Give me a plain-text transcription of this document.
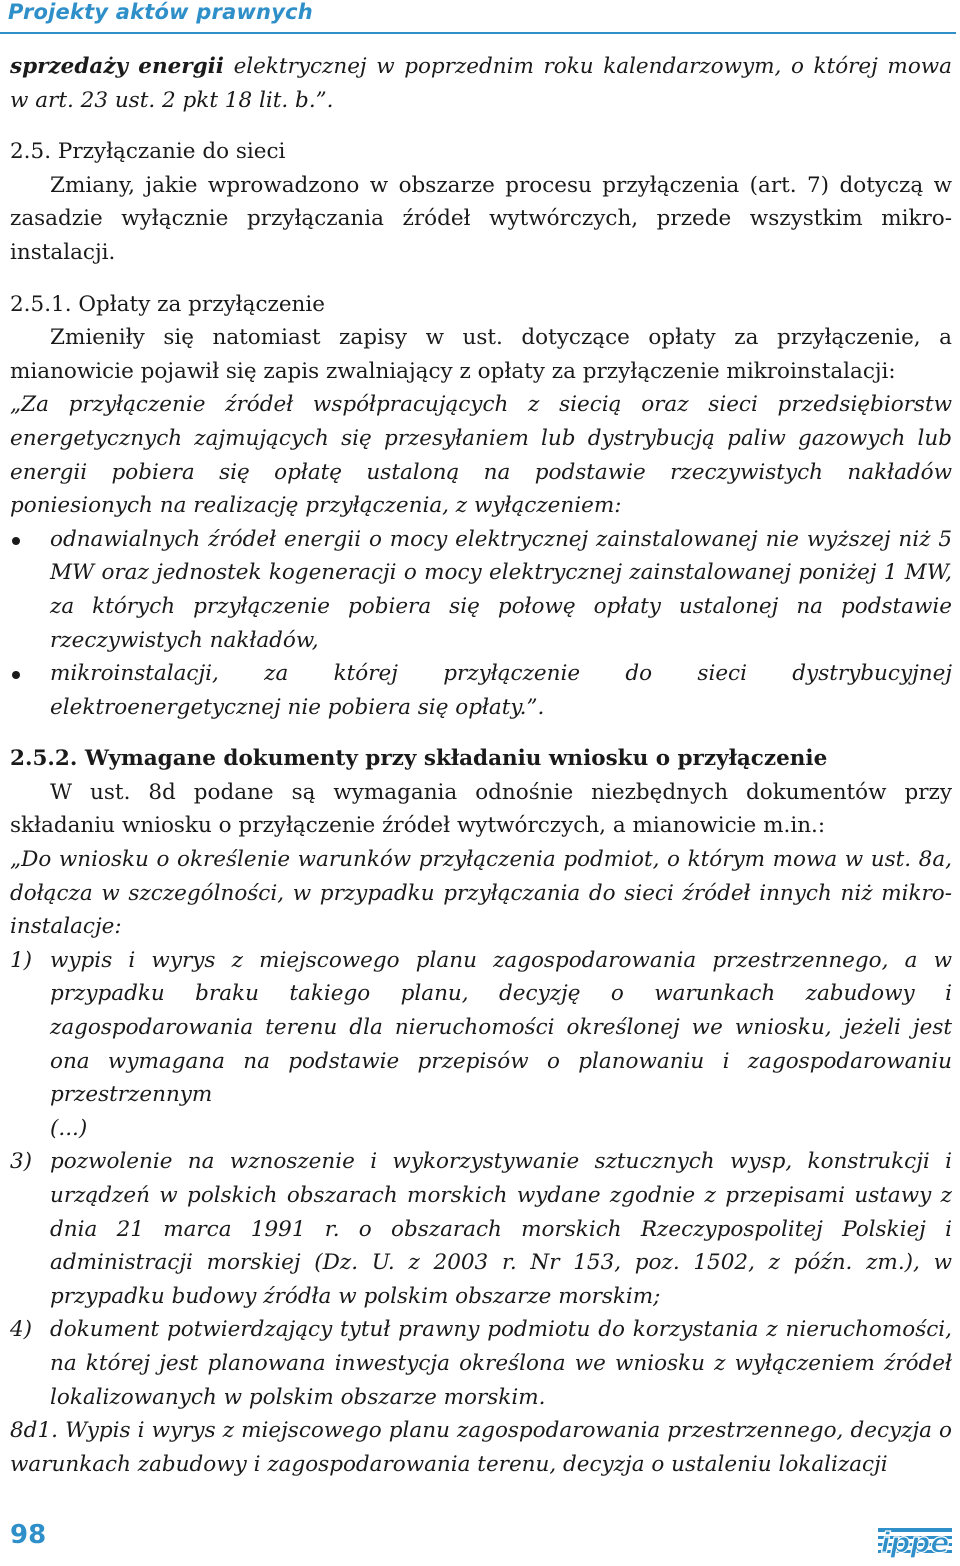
Projekty aktów prawnych

sprzedaży energii elektrycznej w poprzednim roku kalendarzowym, o której mowa w art. 23 ust. 2 pkt 18 lit. b.”.

2.5. Przyłączanie do sieci

Zmiany, jakie wprowadzono w obszarze procesu przyłączenia (art. 7) dotyczą w zasadzie wyłącznie przyłączania źródeł wytwórczych, przede wszystkim mikro-instalacji.

2.5.1. Opłaty za przyłączenie

Zmieniły się natomiast zapisy w ust. dotyczące opłaty za przyłączenie, a mianowicie pojawił się zapis zwalniający z opłaty za przyłączenie mikroinstalacji:

„Za przyłączenie źródeł współpracujących z siecią oraz sieci przedsiębiorstw energetycznych zajmujących się przesyłaniem lub dystrybucją paliw gazowych lub energii pobiera się opłatę ustaloną na podstawie rzeczywistych nakładów poniesionych na realizację przyłączenia, z wyłączeniem:

odnawialnych źródeł energii o mocy elektrycznej zainstalowanej nie wyższej niż 5 MW oraz jednostek kogeneracji o mocy elektrycznej zainstalowanej poniżej 1 MW, za których przyłączenie pobiera się połowę opłaty ustalonej na podstawie rzeczywistych nakładów,
mikroinstalacji, za której przyłączenie do sieci dystrybucyjnej elektroenergetycznej nie pobiera się opłaty.”.

2.5.2. Wymagane dokumenty przy składaniu wniosku o przyłączenie

W ust. 8d podane są wymagania odnośnie niezbędnych dokumentów przy składaniu wniosku o przyłączenie źródeł wytwórczych, a mianowicie m.in.:

„Do wniosku o określenie warunków przyłączenia podmiot, o którym mowa w ust. 8a, dołącza w szczególności, w przypadku przyłączania do sieci źródeł innych niż mikro-instalacje:

1) wypis i wyrys z miejscowego planu zagospodarowania przestrzennego, a w przypadku braku takiego planu, decyzję o warunkach zabudowy i zagospodarowania terenu dla nieruchomości określonej we wniosku, jeżeli jest ona wymagana na podstawie przepisów o planowaniu i zagospodarowaniu przestrzennym
(...)
3) pozwolenie na wznoszenie i wykorzystywanie sztucznych wysp, konstrukcji i urządzeń w polskich obszarach morskich wydane zgodnie z przepisami ustawy z dnia 21 marca 1991 r. o obszarach morskich Rzeczypospolitej Polskiej i administracji morskiej (Dz. U. z 2003 r. Nr 153, poz. 1502, z późn. zm.), w przypadku budowy źródła w polskim obszarze morskim;
4) dokument potwierdzający tytuł prawny podmiotu do korzystania z nieruchomości, na której jest planowana inwestycja określona we wniosku z wyłączeniem źródeł lokalizowanych w polskim obszarze morskim.

8d1. Wypis i wyrys z miejscowego planu zagospodarowania przestrzennego, decyzja o warunkach zabudowy i zagospodarowania terenu, decyzja o ustaleniu lokalizacji

98	ippe
